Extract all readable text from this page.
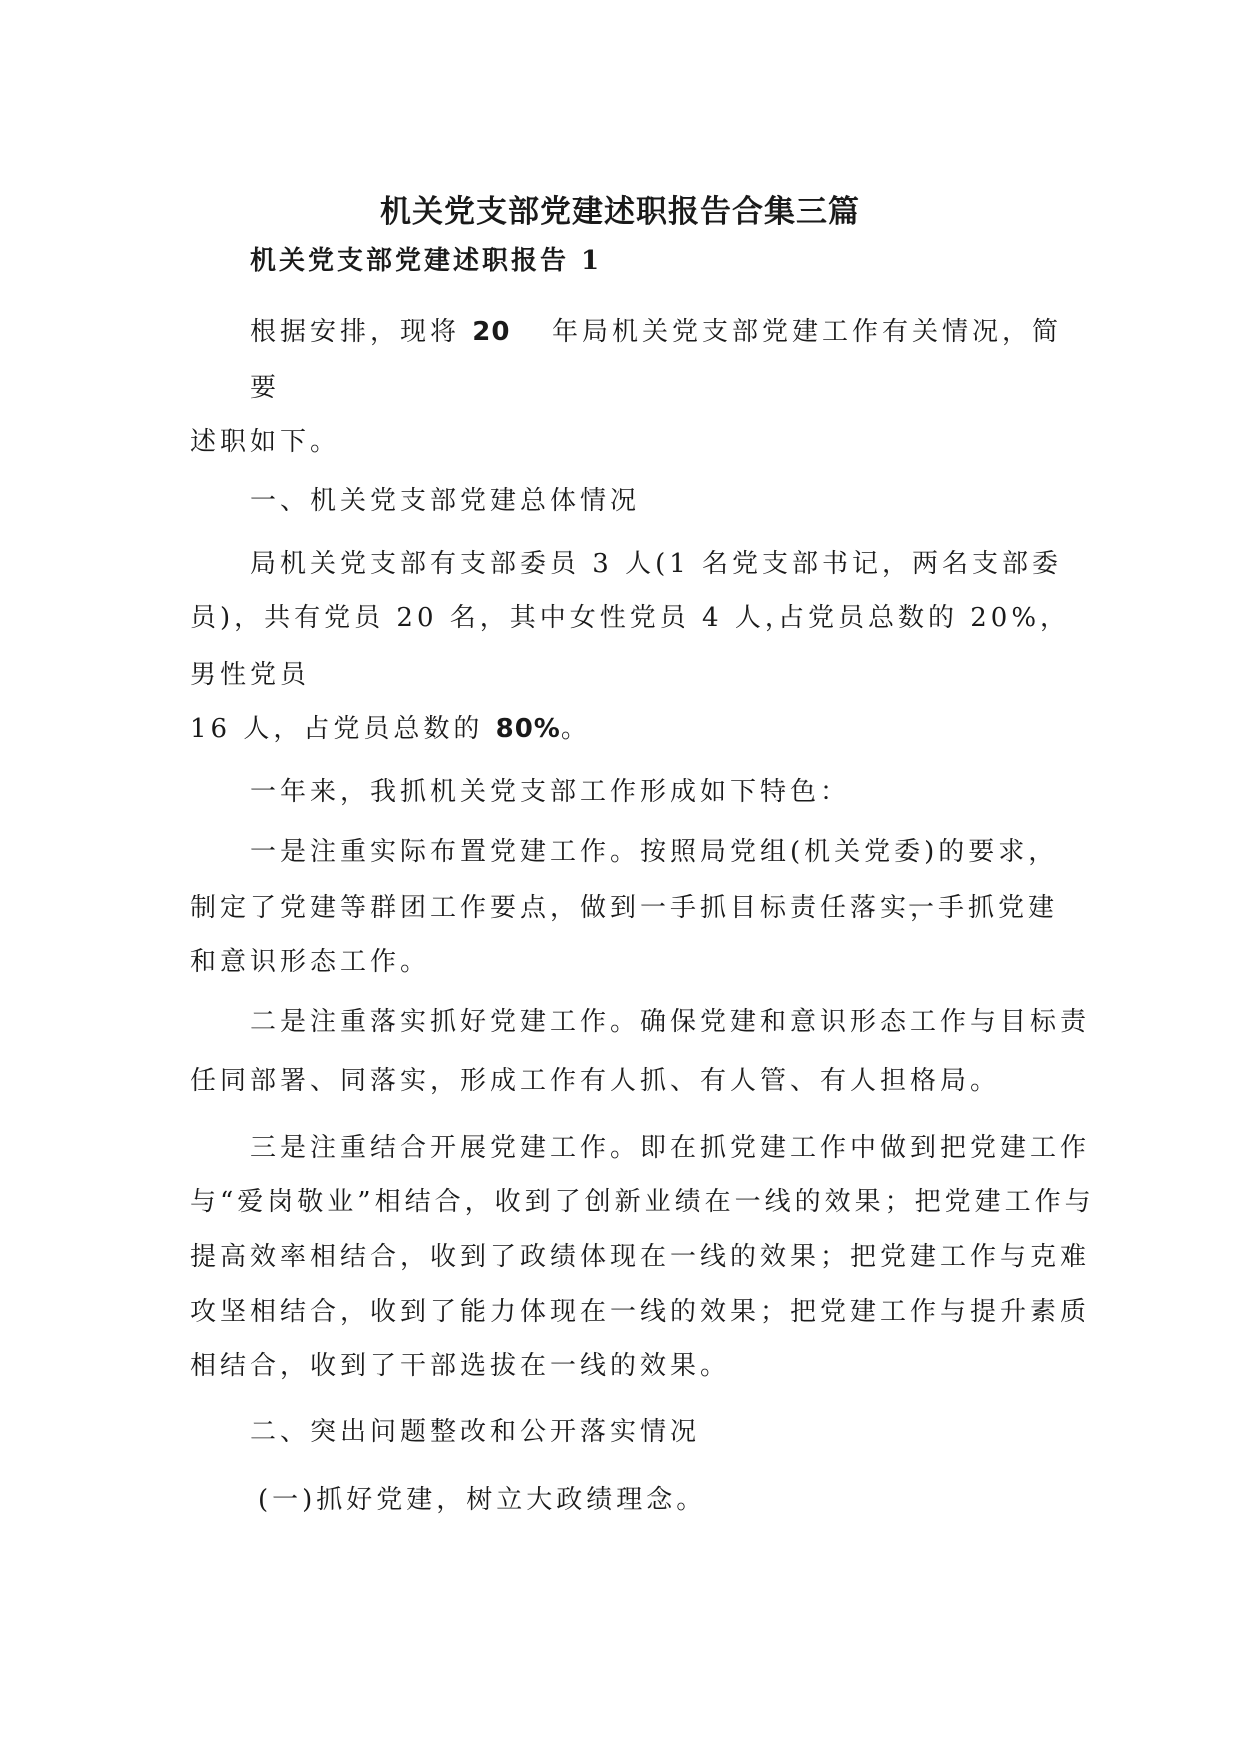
机关党支部党建述职报告合集三篇
机关党支部党建述职报告 1
根据安排，现将 20 年局机关党支部党建工作有关情况，简
要
述职如下。
一、机关党支部党建总体情况
局机关党支部有支部委员 3 人(1 名党支部书记，两名支部委
员)，共有党员 20 名，其中女性党员 4 人，
占党员总数的 20%，
男性党员
16 人，占党员总数的 80%。
一年来，我抓机关党支部工作形成如下特色：
一是注重实际布置党建工作。按照局党组(机关党委)的要求，
制定了党建等群团工作要点，做到一手抓目标责任落实，
一手抓党建
和意识形态工作。
二是注重落实抓好党建工作。确保党建和意识形态工作与目标责
任同部署、同落实，形成工作有人抓、有人管、有人担格局。
三是注重结合开展党建工作。即在抓党建工作中做到把党建工作
与“爱岗敬业”相结合，收到了创新业绩在一线的效果；把党建工作与
提高效率相结合，收到了政绩体现在一线的效果；把党建工作与克难
攻坚相结合，收到了能力体现在一线的效果；把党建工作与提升素质
相结合，收到了干部选拔在一线的效果。
二、突出问题整改和公开落实情况
(一)抓好党建，树立大政绩理念。
